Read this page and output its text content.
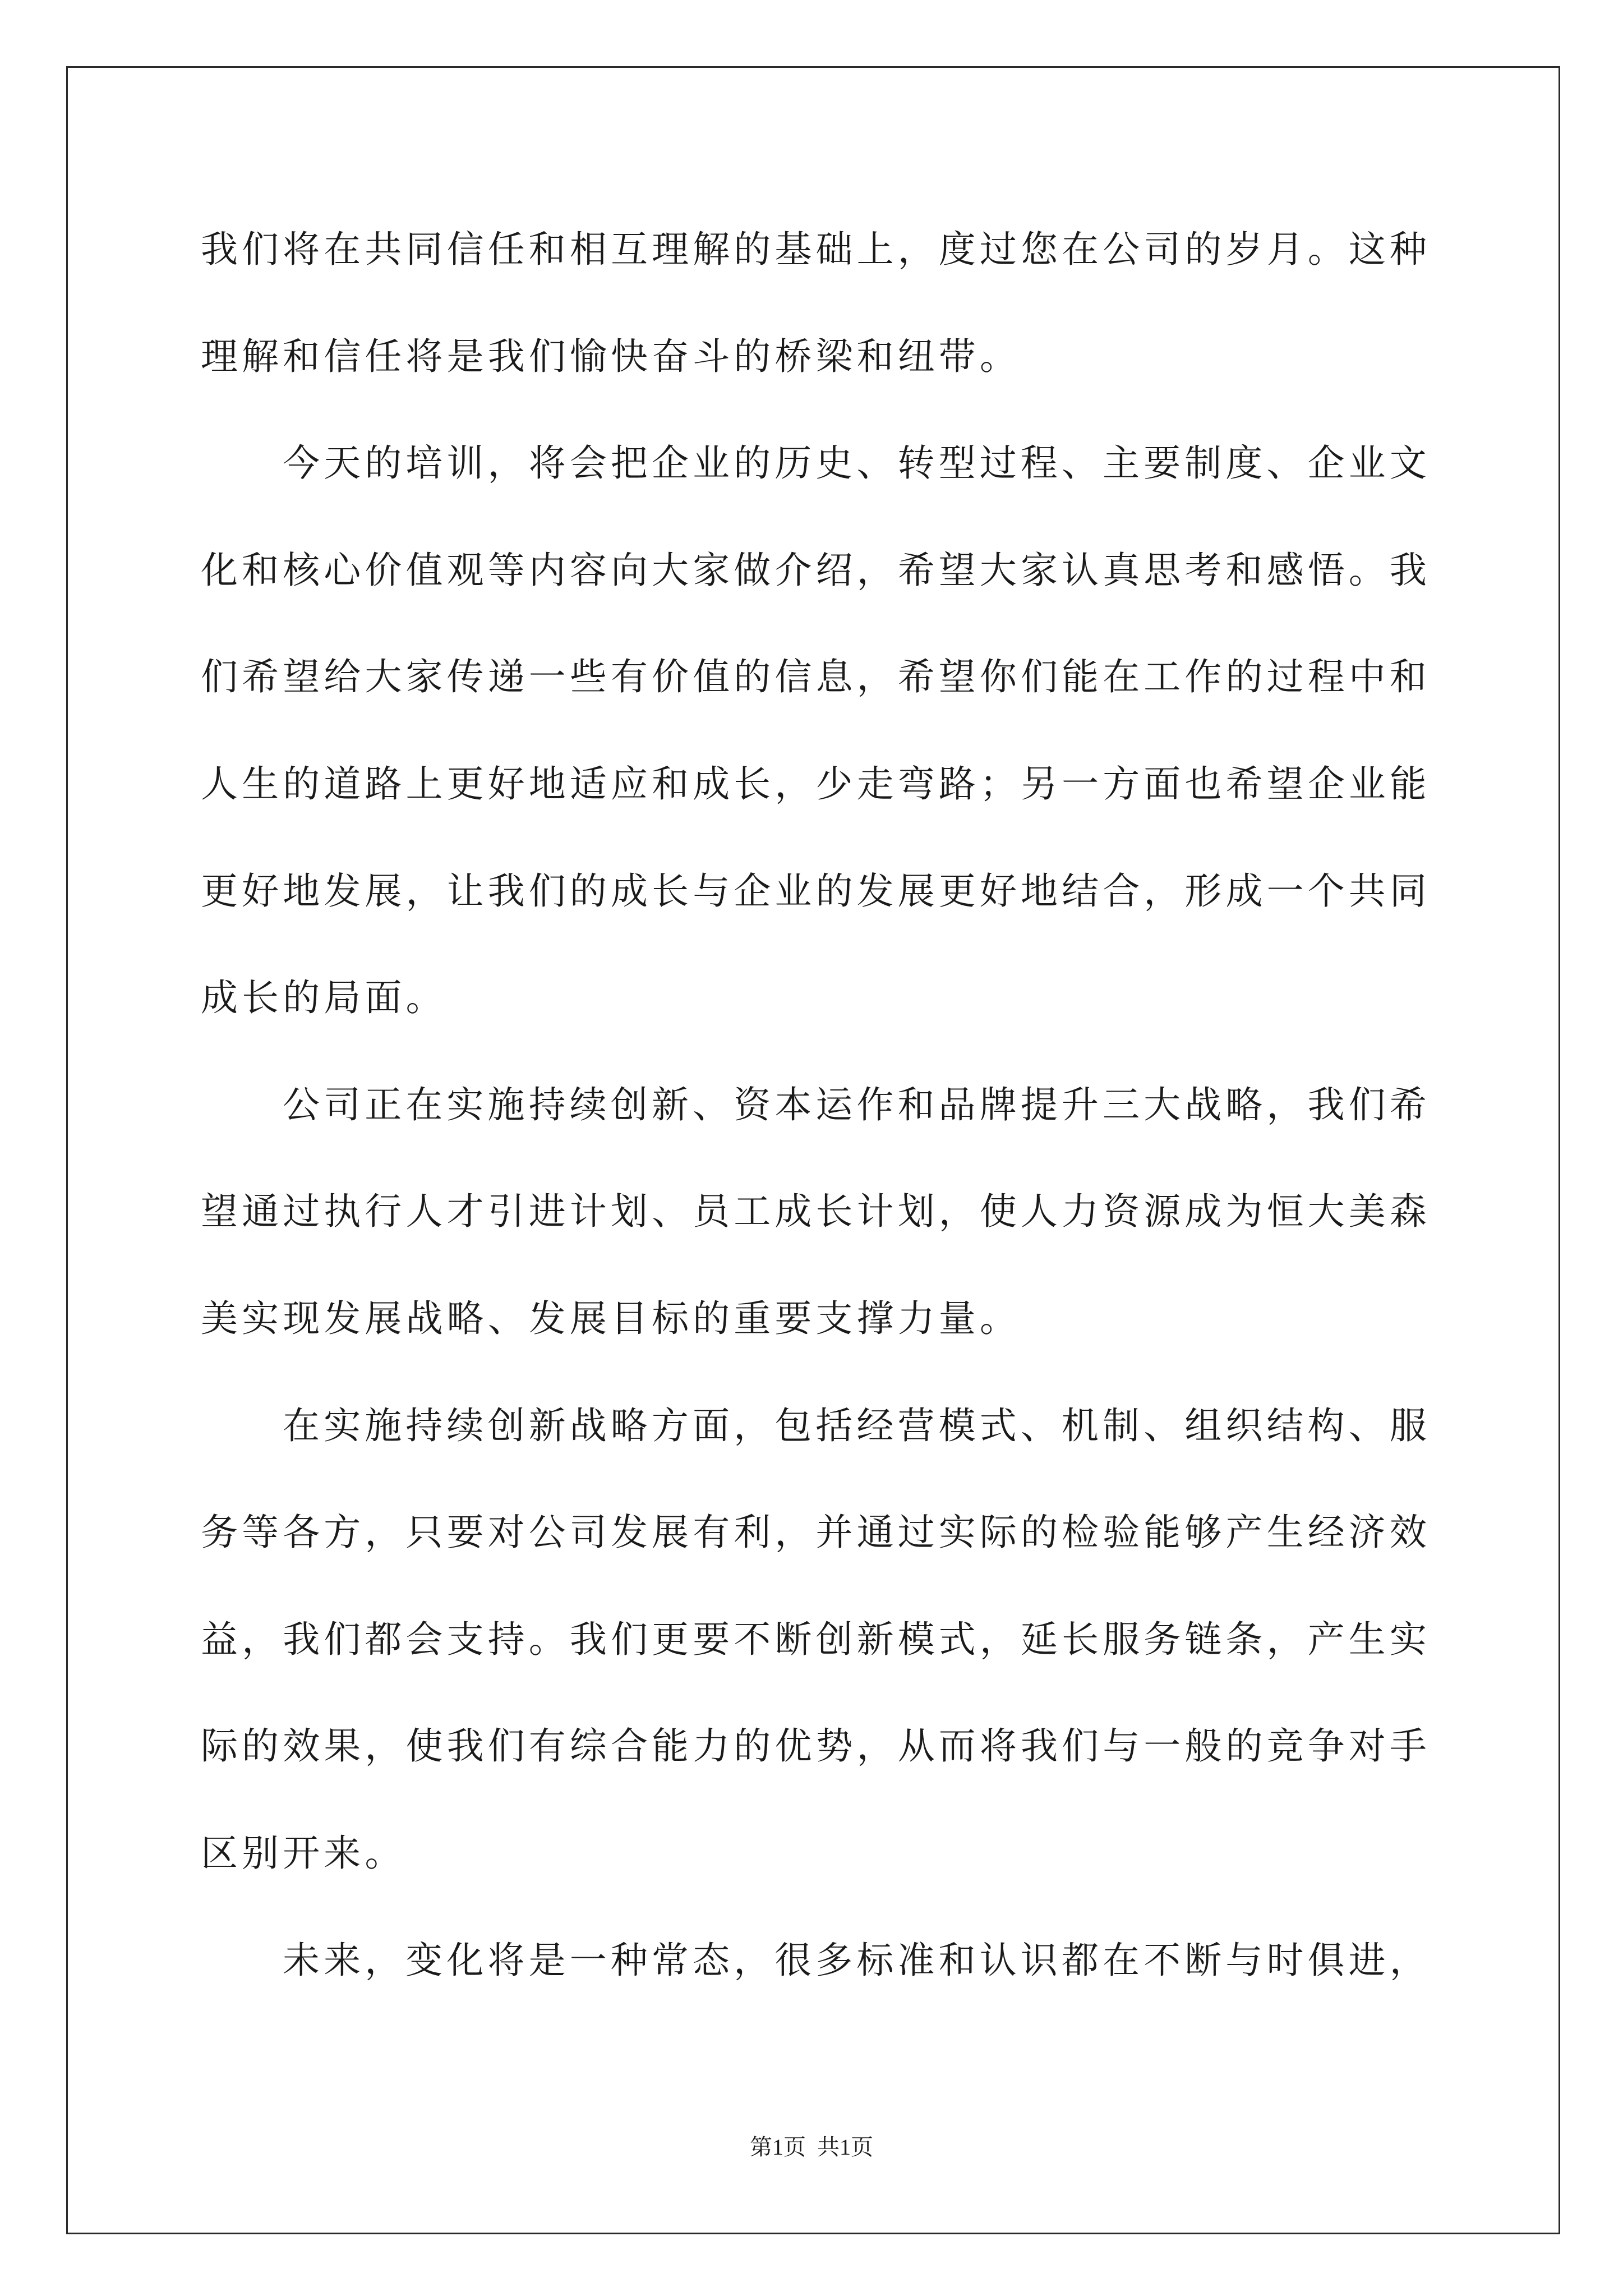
我们将在共同信任和相互理解的基础上，度过您在公司的岁月。这种
理解和信任将是我们愉快奋斗的桥梁和纽带。
今天的培训，将会把企业的历史、转型过程、主要制度、企业文
化和核心价值观等内容向大家做介绍，希望大家认真思考和感悟。我
们希望给大家传递一些有价值的信息，希望你们能在工作的过程中和
人生的道路上更好地适应和成长，少走弯路；另一方面也希望企业能
更好地发展，让我们的成长与企业的发展更好地结合，形成一个共同
成长的局面。
公司正在实施持续创新、资本运作和品牌提升三大战略，我们希
望通过执行人才引进计划、员工成长计划，使人力资源成为恒大美森
美实现发展战略、发展目标的重要支撑力量。
在实施持续创新战略方面，包括经营模式、机制、组织结构、服
务等各方，只要对公司发展有利，并通过实际的检验能够产生经济效
益，我们都会支持。我们更要不断创新模式，延长服务链条，产生实
际的效果，使我们有综合能力的优势，从而将我们与一般的竞争对手
区别开来。
未来，变化将是一种常态，很多标准和认识都在不断与时俱进，
第1页  共1页
